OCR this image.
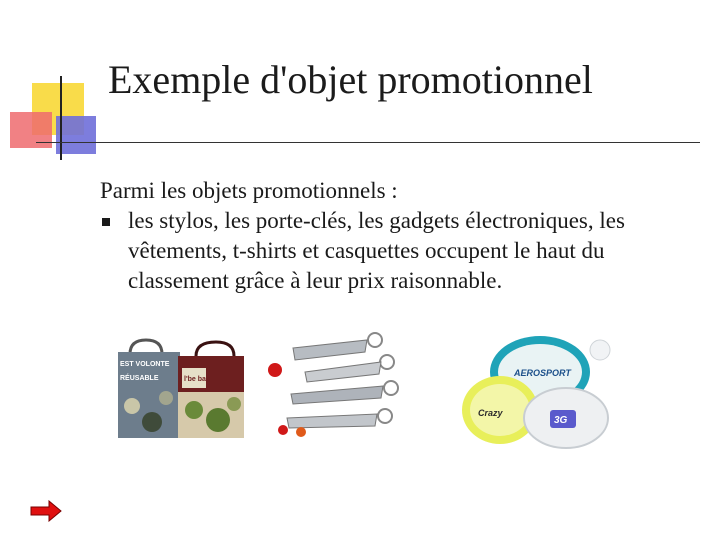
Exemple d'objet promotionnel

Parmi les objets promotionnels :

les stylos, les porte-clés, les gadgets électroniques, les vêtements, t-shirts et casquettes occupent le haut du classement grâce à leur prix raisonnable.

EST VOLONTE
RÉUSABLE	l'be bag
AEROSPORT
Crazy
3G
